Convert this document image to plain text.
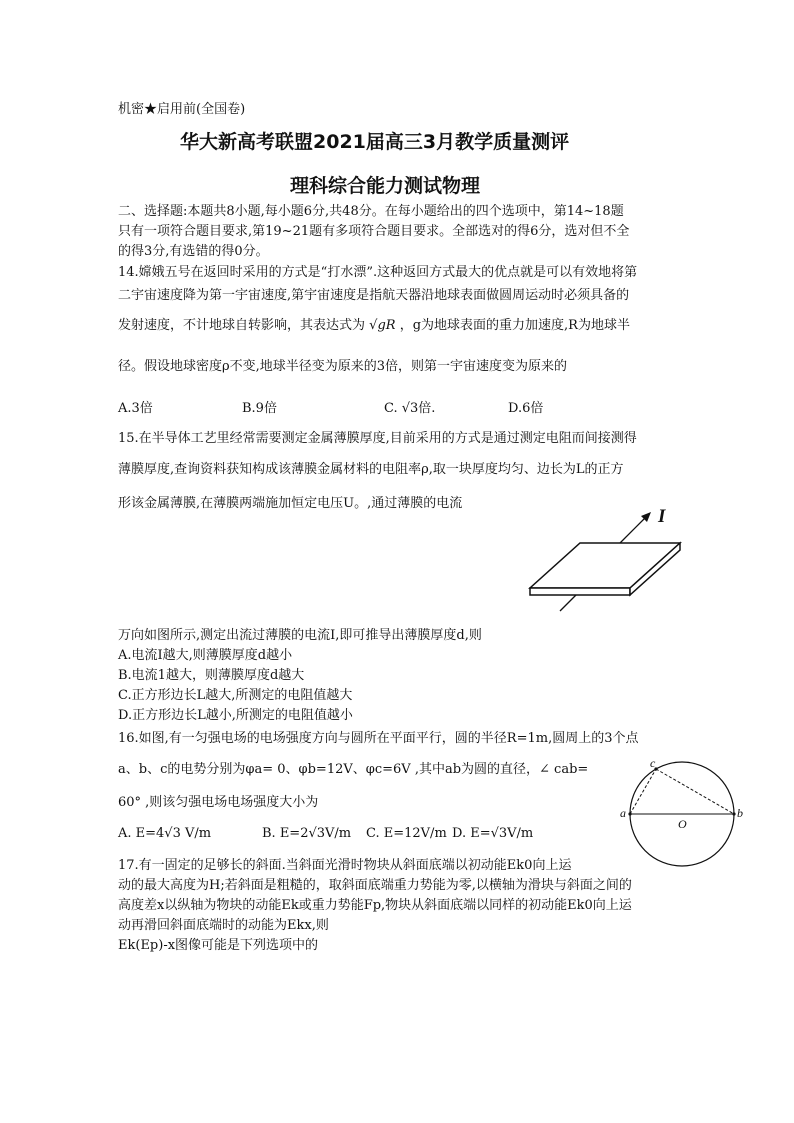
机密★启用前(全国卷)
华大新高考联盟2021届高三3月教学质量测评
理科综合能力测试物理
二、选择题:本题共8小题,每小题6分,共48分。在每小题给出的四个选项中，第14~18题
只有一项符合题目要求,第19~21题有多项符合题目要求。全部选对的得6分，选对但不全
的得3分,有选错的得0分。
14.嫦娥五号在返回时采用的方式是“打水漂”.这种返回方式最大的优点就是可以有效地将第
二宇宙速度降为第一宇宙速度,第宇宙速度是指航天器沿地球表面做圆周运动时必须具备的
发射速度，不计地球自转影响，其表达式为 √gR ，g为地球表面的重力加速度,R为地球半
径。假设地球密度ρ不变,地球半径变为原来的3倍，则第一宇宙速度变为原来的
A.3倍	B.9倍	C. √3倍.	D.6倍
15.在半导体工艺里经常需要测定金属薄膜厚度,目前采用的方式是通过测定电阻而间接测得
薄膜厚度,查询资料获知构成该薄膜金属材料的电阻率ρ,取一块厚度均匀、边长为L的正方
形该金属薄膜,在薄膜两端施加恒定电压U。,通过薄膜的电流
I
万向如图所示,测定出流过薄膜的电流I,即可推导出薄膜厚度d,则
A.电流I越大,则薄膜厚度d越小
B.电流1越大，则薄膜厚度d越大
C.正方形边长L越大,所测定的电阻值越大
D.正方形边长L越小,所测定的电阻值越小
16.如图,有一匀强电场的电场强度方向与圆所在平面平行，圆的半径R=1m,圆周上的3个点
a、b、c的电势分别为φa= 0、φb=12V、φc=6V ,其中ab为圆的直径，∠ cab=
60° ,则该匀强电场电场强度大小为
A. E=4√3 V/m	B. E=2√3V/m C. E=12V/m D. E=√3V/m
a	b
c
O
17.有一固定的足够长的斜面.当斜面光滑时物块从斜面底端以初动能Ek0向上运
动的最大高度为H;若斜面是粗糙的，取斜面底端重力势能为零,以横轴为滑块与斜面之间的
高度差x以纵轴为物块的动能Ek或重力势能Fp,物块从斜面底端以同样的初动能Ek0向上运
动再滑回斜面底端时的动能为Ekx,则
Ek(Ep)-x图像可能是下列选项中的
